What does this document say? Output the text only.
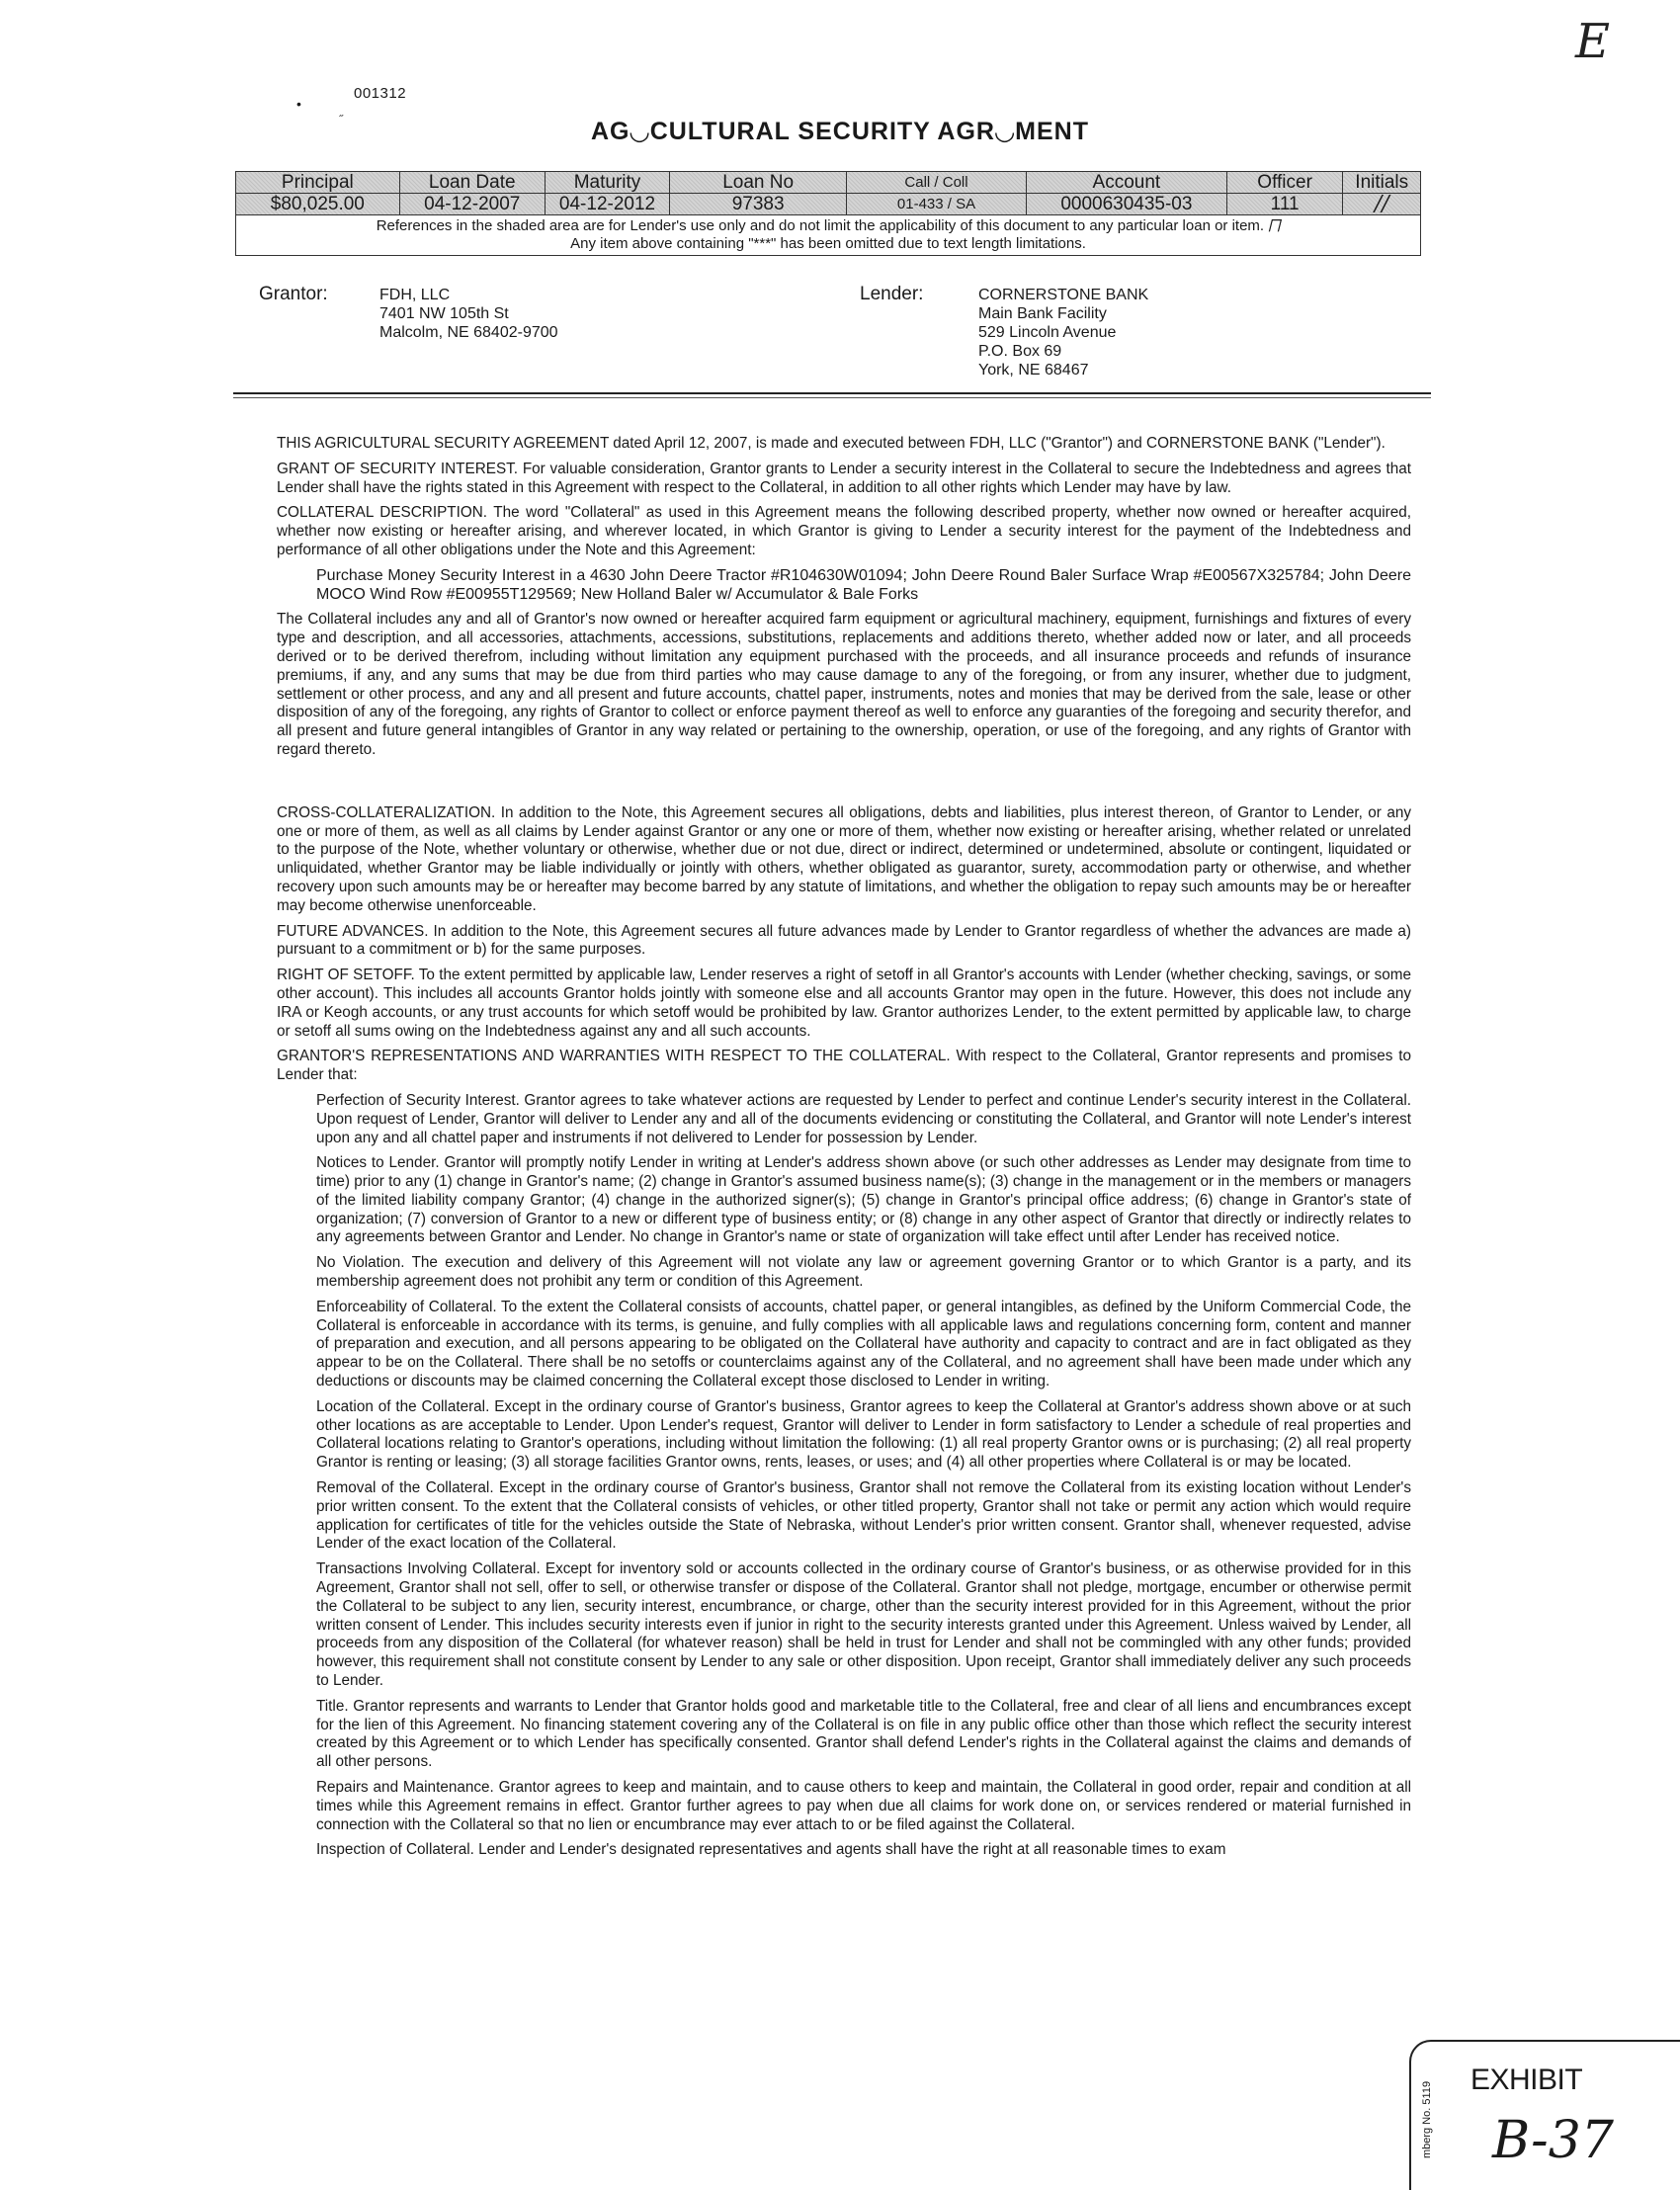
001312
•
˝
E
AG◡CULTURAL SECURITY AGR◡MENT
Principal	Loan Date	Maturity	Loan No	Call / Coll	Account	Officer	Initials
$80,025.00	04-12-2007	04-12-2012	97383	01-433 / SA	0000630435-03	111	∕∕

References in the shaded area are for Lender's use only and do not limit the applicability of this document to any particular loan or item. ⨅
Any item above containing "***" has been omitted due to text length limitations.							
Grantor:	FDH, LLC
7401 NW 105th St
Malcolm, NE 68402-9700
Lender:	CORNERSTONE BANK
Main Bank Facility
529 Lincoln Avenue
P.O. Box 69
York, NE 68467

THIS AGRICULTURAL SECURITY AGREEMENT dated April 12, 2007, is made and executed between FDH, LLC ("Grantor") and CORNERSTONE BANK ("Lender").

GRANT OF SECURITY INTEREST. For valuable consideration, Grantor grants to Lender a security interest in the Collateral to secure the Indebtedness and agrees that Lender shall have the rights stated in this Agreement with respect to the Collateral, in addition to all other rights which Lender may have by law.

COLLATERAL DESCRIPTION. The word "Collateral" as used in this Agreement means the following described property, whether now owned or hereafter acquired, whether now existing or hereafter arising, and wherever located, in which Grantor is giving to Lender a security interest for the payment of the Indebtedness and performance of all other obligations under the Note and this Agreement:

Purchase Money Security Interest in a 4630 John Deere Tractor #R104630W01094; John Deere Round Baler Surface Wrap #E00567X325784; John Deere MOCO Wind Row #E00955T129569; New Holland Baler w/ Accumulator & Bale Forks

The Collateral includes any and all of Grantor's now owned or hereafter acquired farm equipment or agricultural machinery, equipment, furnishings and fixtures of every type and description, and all accessories, attachments, accessions, substitutions, replacements and additions thereto, whether added now or later, and all proceeds derived or to be derived therefrom, including without limitation any equipment purchased with the proceeds, and all insurance proceeds and refunds of insurance premiums, if any, and any sums that may be due from third parties who may cause damage to any of the foregoing, or from any insurer, whether due to judgment, settlement or other process, and any and all present and future accounts, chattel paper, instruments, notes and monies that may be derived from the sale, lease or other disposition of any of the foregoing, any rights of Grantor to collect or enforce payment thereof as well to enforce any guaranties of the foregoing and security therefor, and all present and future general intangibles of Grantor in any way related or pertaining to the ownership, operation, or use of the foregoing, and any rights of Grantor with regard thereto.

CROSS-COLLATERALIZATION. In addition to the Note, this Agreement secures all obligations, debts and liabilities, plus interest thereon, of Grantor to Lender, or any one or more of them, as well as all claims by Lender against Grantor or any one or more of them, whether now existing or hereafter arising, whether related or unrelated to the purpose of the Note, whether voluntary or otherwise, whether due or not due, direct or indirect, determined or undetermined, absolute or contingent, liquidated or unliquidated, whether Grantor may be liable individually or jointly with others, whether obligated as guarantor, surety, accommodation party or otherwise, and whether recovery upon such amounts may be or hereafter may become barred by any statute of limitations, and whether the obligation to repay such amounts may be or hereafter may become otherwise unenforceable.

FUTURE ADVANCES. In addition to the Note, this Agreement secures all future advances made by Lender to Grantor regardless of whether the advances are made a) pursuant to a commitment or b) for the same purposes.

RIGHT OF SETOFF. To the extent permitted by applicable law, Lender reserves a right of setoff in all Grantor's accounts with Lender (whether checking, savings, or some other account). This includes all accounts Grantor holds jointly with someone else and all accounts Grantor may open in the future. However, this does not include any IRA or Keogh accounts, or any trust accounts for which setoff would be prohibited by law. Grantor authorizes Lender, to the extent permitted by applicable law, to charge or setoff all sums owing on the Indebtedness against any and all such accounts.

GRANTOR'S REPRESENTATIONS AND WARRANTIES WITH RESPECT TO THE COLLATERAL. With respect to the Collateral, Grantor represents and promises to Lender that:

Perfection of Security Interest. Grantor agrees to take whatever actions are requested by Lender to perfect and continue Lender's security interest in the Collateral. Upon request of Lender, Grantor will deliver to Lender any and all of the documents evidencing or constituting the Collateral, and Grantor will note Lender's interest upon any and all chattel paper and instruments if not delivered to Lender for possession by Lender.

Notices to Lender. Grantor will promptly notify Lender in writing at Lender's address shown above (or such other addresses as Lender may designate from time to time) prior to any (1) change in Grantor's name; (2) change in Grantor's assumed business name(s); (3) change in the management or in the members or managers of the limited liability company Grantor; (4) change in the authorized signer(s); (5) change in Grantor's principal office address; (6) change in Grantor's state of organization; (7) conversion of Grantor to a new or different type of business entity; or (8) change in any other aspect of Grantor that directly or indirectly relates to any agreements between Grantor and Lender. No change in Grantor's name or state of organization will take effect until after Lender has received notice.

No Violation. The execution and delivery of this Agreement will not violate any law or agreement governing Grantor or to which Grantor is a party, and its membership agreement does not prohibit any term or condition of this Agreement.

Enforceability of Collateral. To the extent the Collateral consists of accounts, chattel paper, or general intangibles, as defined by the Uniform Commercial Code, the Collateral is enforceable in accordance with its terms, is genuine, and fully complies with all applicable laws and regulations concerning form, content and manner of preparation and execution, and all persons appearing to be obligated on the Collateral have authority and capacity to contract and are in fact obligated as they appear to be on the Collateral. There shall be no setoffs or counterclaims against any of the Collateral, and no agreement shall have been made under which any deductions or discounts may be claimed concerning the Collateral except those disclosed to Lender in writing.

Location of the Collateral. Except in the ordinary course of Grantor's business, Grantor agrees to keep the Collateral at Grantor's address shown above or at such other locations as are acceptable to Lender. Upon Lender's request, Grantor will deliver to Lender in form satisfactory to Lender a schedule of real properties and Collateral locations relating to Grantor's operations, including without limitation the following: (1) all real property Grantor owns or is purchasing; (2) all real property Grantor is renting or leasing; (3) all storage facilities Grantor owns, rents, leases, or uses; and (4) all other properties where Collateral is or may be located.

Removal of the Collateral. Except in the ordinary course of Grantor's business, Grantor shall not remove the Collateral from its existing location without Lender's prior written consent. To the extent that the Collateral consists of vehicles, or other titled property, Grantor shall not take or permit any action which would require application for certificates of title for the vehicles outside the State of Nebraska, without Lender's prior written consent. Grantor shall, whenever requested, advise Lender of the exact location of the Collateral.

Transactions Involving Collateral. Except for inventory sold or accounts collected in the ordinary course of Grantor's business, or as otherwise provided for in this Agreement, Grantor shall not sell, offer to sell, or otherwise transfer or dispose of the Collateral. Grantor shall not pledge, mortgage, encumber or otherwise permit the Collateral to be subject to any lien, security interest, encumbrance, or charge, other than the security interest provided for in this Agreement, without the prior written consent of Lender. This includes security interests even if junior in right to the security interests granted under this Agreement. Unless waived by Lender, all proceeds from any disposition of the Collateral (for whatever reason) shall be held in trust for Lender and shall not be commingled with any other funds; provided however, this requirement shall not constitute consent by Lender to any sale or other disposition. Upon receipt, Grantor shall immediately deliver any such proceeds to Lender.

Title. Grantor represents and warrants to Lender that Grantor holds good and marketable title to the Collateral, free and clear of all liens and encumbrances except for the lien of this Agreement. No financing statement covering any of the Collateral is on file in any public office other than those which reflect the security interest created by this Agreement or to which Lender has specifically consented. Grantor shall defend Lender's rights in the Collateral against the claims and demands of all other persons.

Repairs and Maintenance. Grantor agrees to keep and maintain, and to cause others to keep and maintain, the Collateral in good order, repair and condition at all times while this Agreement remains in effect. Grantor further agrees to pay when due all claims for work done on, or services rendered or material furnished in connection with the Collateral so that no lien or encumbrance may ever attach to or be filed against the Collateral.

Inspection of Collateral. Lender and Lender's designated representatives and agents shall have the right at all reasonable times to exam

mberg No. 5119
EXHIBIT
B-37
